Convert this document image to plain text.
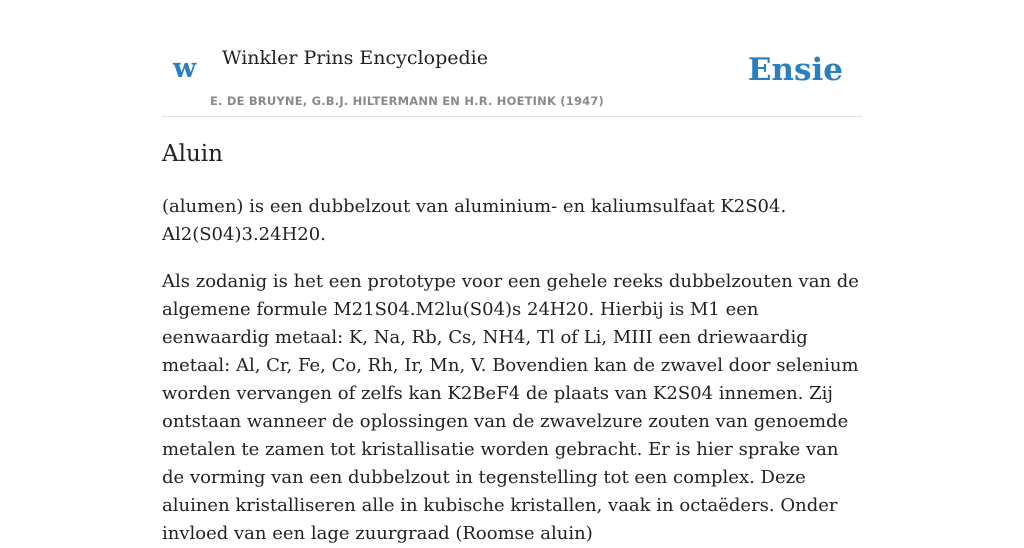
w Winkler Prins Encyclopedie	Ensie
E. DE BRUYNE, G.B.J. HILTERMANN EN H.R. HOETINK (1947)
Aluin

(alumen) is een dubbelzout van aluminium- en kaliumsulfaat K2S04. Al2(S04)3.24H20.

Als zodanig is het een prototype voor een gehele reeks dubbelzouten van de algemene formule M21S04.M2lu(S04)s 24H20. Hierbij is M1 een eenwaardig metaal: K, Na, Rb, Cs, NH4, Tl of Li, MIII een driewaardig metaal: Al, Cr, Fe, Co, Rh, Ir, Mn, V. Bovendien kan de zwavel door selenium worden vervangen of zelfs kan K2BeF4 de plaats van K2S04 innemen. Zij ontstaan wanneer de oplossingen van de zwavelzure zouten van genoemde metalen te zamen tot kristallisatie worden gebracht. Er is hier sprake van de vorming van een dubbelzout in tegenstelling tot een complex. Deze aluinen kristalliseren alle in kubische kristallen, vaak in octaëders. Onder invloed van een lage zuurgraad (Roomse aluin)
